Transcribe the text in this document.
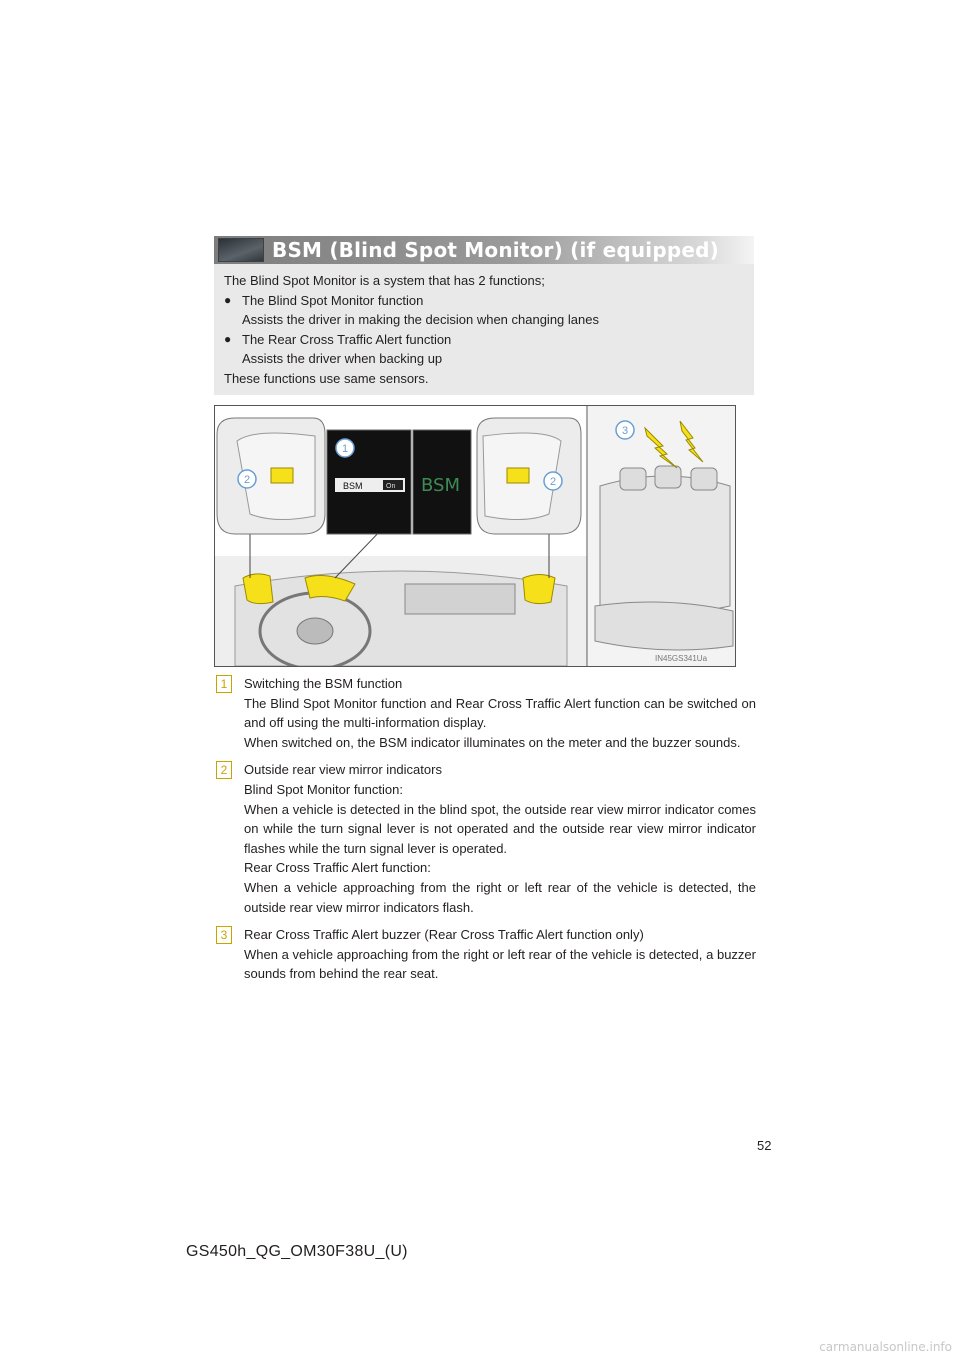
BSM (Blind Spot Monitor) (if equipped)

The Blind Spot Monitor is a system that has 2 functions;

● The Blind Spot Monitor function

Assists the driver in making the decision when changing lanes

● The Rear Cross Traffic Alert function

Assists the driver when backing up

These functions use same sensors.

BSM	On BSM
IN45GS341Ua
1
2	2
3
1	Switching the BSM function

The Blind Spot Monitor function and Rear Cross Traffic Alert function can be switched on and off using the multi-information display.

When switched on, the BSM indicator illuminates on the meter and the buzzer sounds.

2	Outside rear view mirror indicators

Blind Spot Monitor function:

When a vehicle is detected in the blind spot, the outside rear view mirror indicator comes on while the turn signal lever is not operated and the outside rear view mirror indicator flashes while the turn signal lever is operated.

Rear Cross Traffic Alert function:

When a vehicle approaching from the right or left rear of the vehicle is detected, the outside rear view mirror indicators flash.

3	Rear Cross Traffic Alert buzzer (Rear Cross Traffic Alert function only)

When a vehicle approaching from the right or left rear of the vehicle is detected, a buzzer sounds from behind the rear seat.

52
GS450h_QG_OM30F38U_(U)
carmanualsonline.info
